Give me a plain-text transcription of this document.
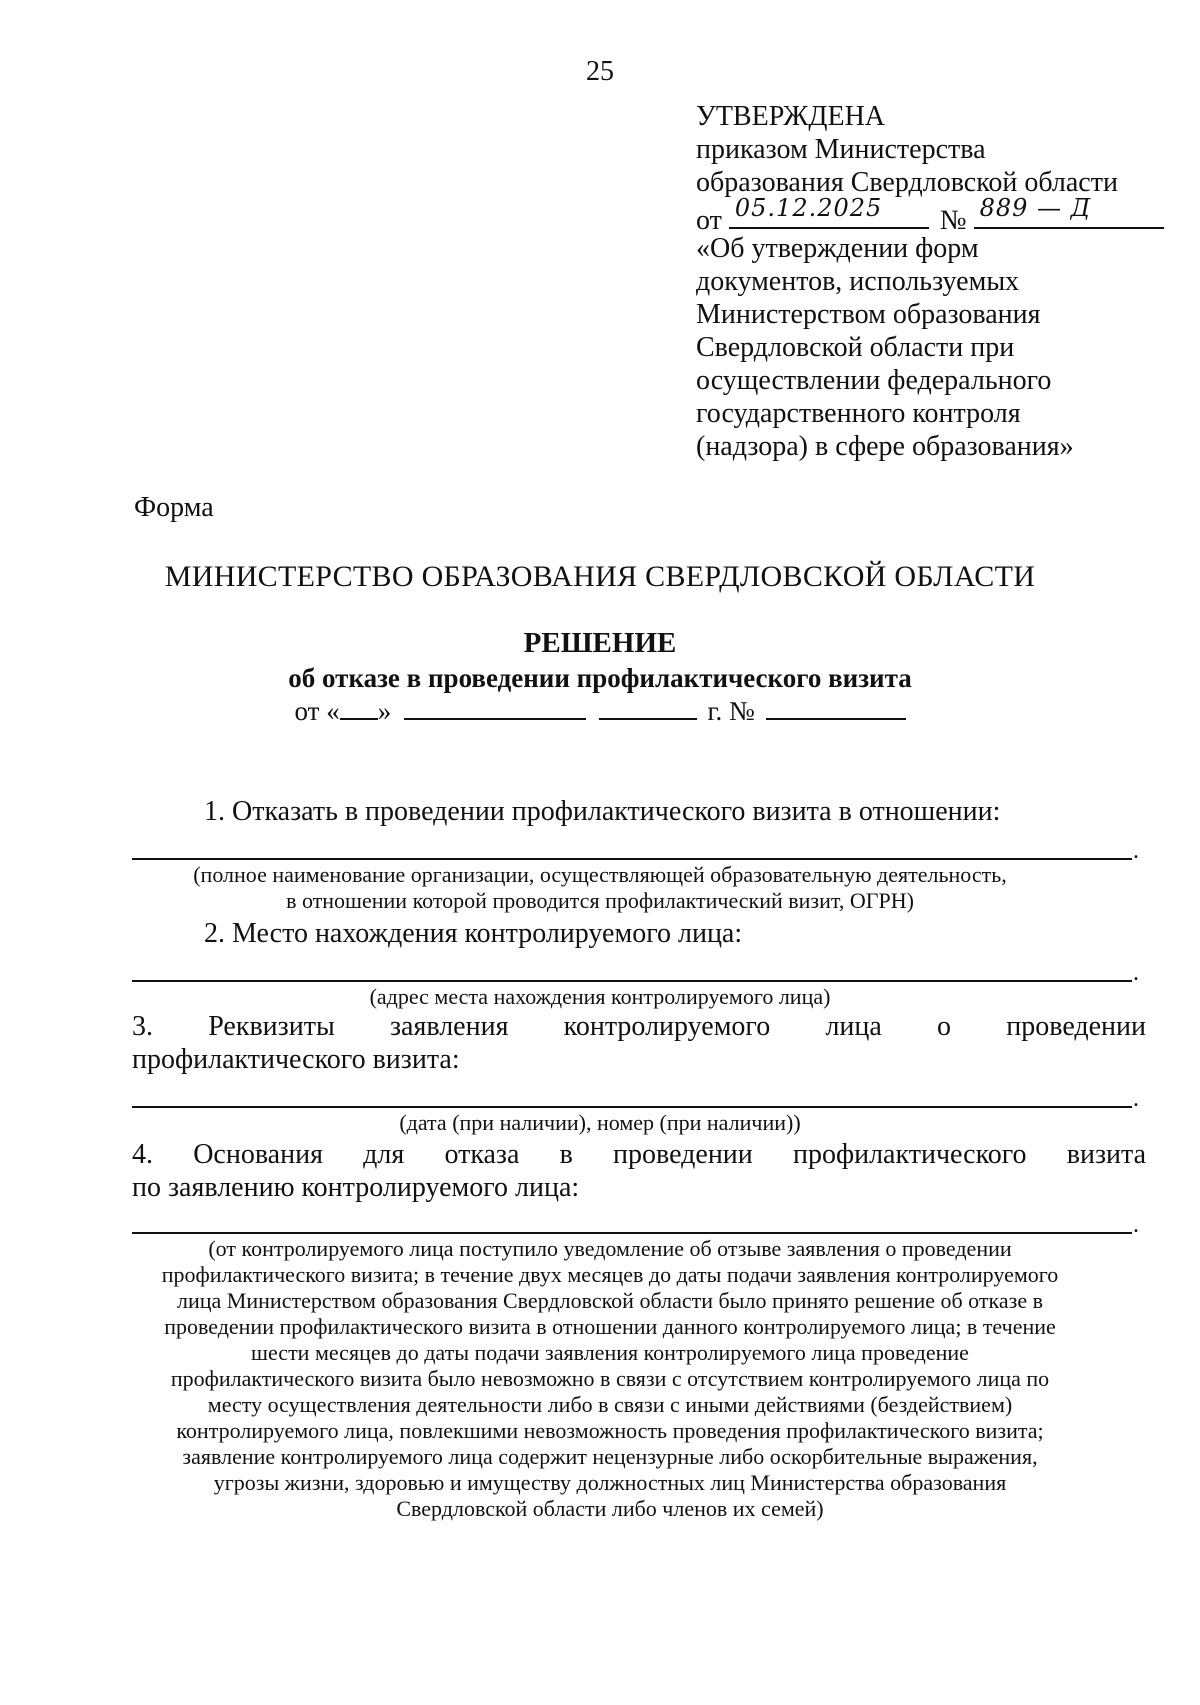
25
УТВЕРЖДЕНА
приказом Министерства
образования Свердловской области
от 05.12.2025 № 889 — Д
«Об утверждении форм
документов, используемых
Министерством образования
Свердловской области при
осуществлении федерального
государственного контроля
(надзора) в сфере образования»
Форма
МИНИСТЕРСТВО ОБРАЗОВАНИЯ СВЕРДЛОВСКОЙ ОБЛАСТИ
РЕШЕНИЕ
об отказе в проведении профилактического визита
от « »	г. №
1. Отказать в проведении профилактического визита в отношении:
.
(полное наименование организации, осуществляющей образовательную деятельность,
в отношении которой проводится профилактический визит, ОГРН)
2. Место нахождения контролируемого лица:
.
(адрес места нахождения контролируемого лица)
3. Реквизиты заявления контролируемого лица о проведении
профилактического визита:
.
(дата (при наличии), номер (при наличии))
4. Основания для отказа в проведении профилактического визита
по заявлению контролируемого лица:
.
(от контролируемого лица поступило уведомление об отзыве заявления о проведении
профилактического визита; в течение двух месяцев до даты подачи заявления контролируемого
лица Министерством образования Свердловской области было принято решение об отказе в
проведении профилактического визита в отношении данного контролируемого лица; в течение
шести месяцев до даты подачи заявления контролируемого лица проведение
профилактического визита было невозможно в связи с отсутствием контролируемого лица по
месту осуществления деятельности либо в связи с иными действиями (бездействием)
контролируемого лица, повлекшими невозможность проведения профилактического визита;
заявление контролируемого лица содержит нецензурные либо оскорбительные выражения,
угрозы жизни, здоровью и имуществу должностных лиц Министерства образования
Свердловской области либо членов их семей)
